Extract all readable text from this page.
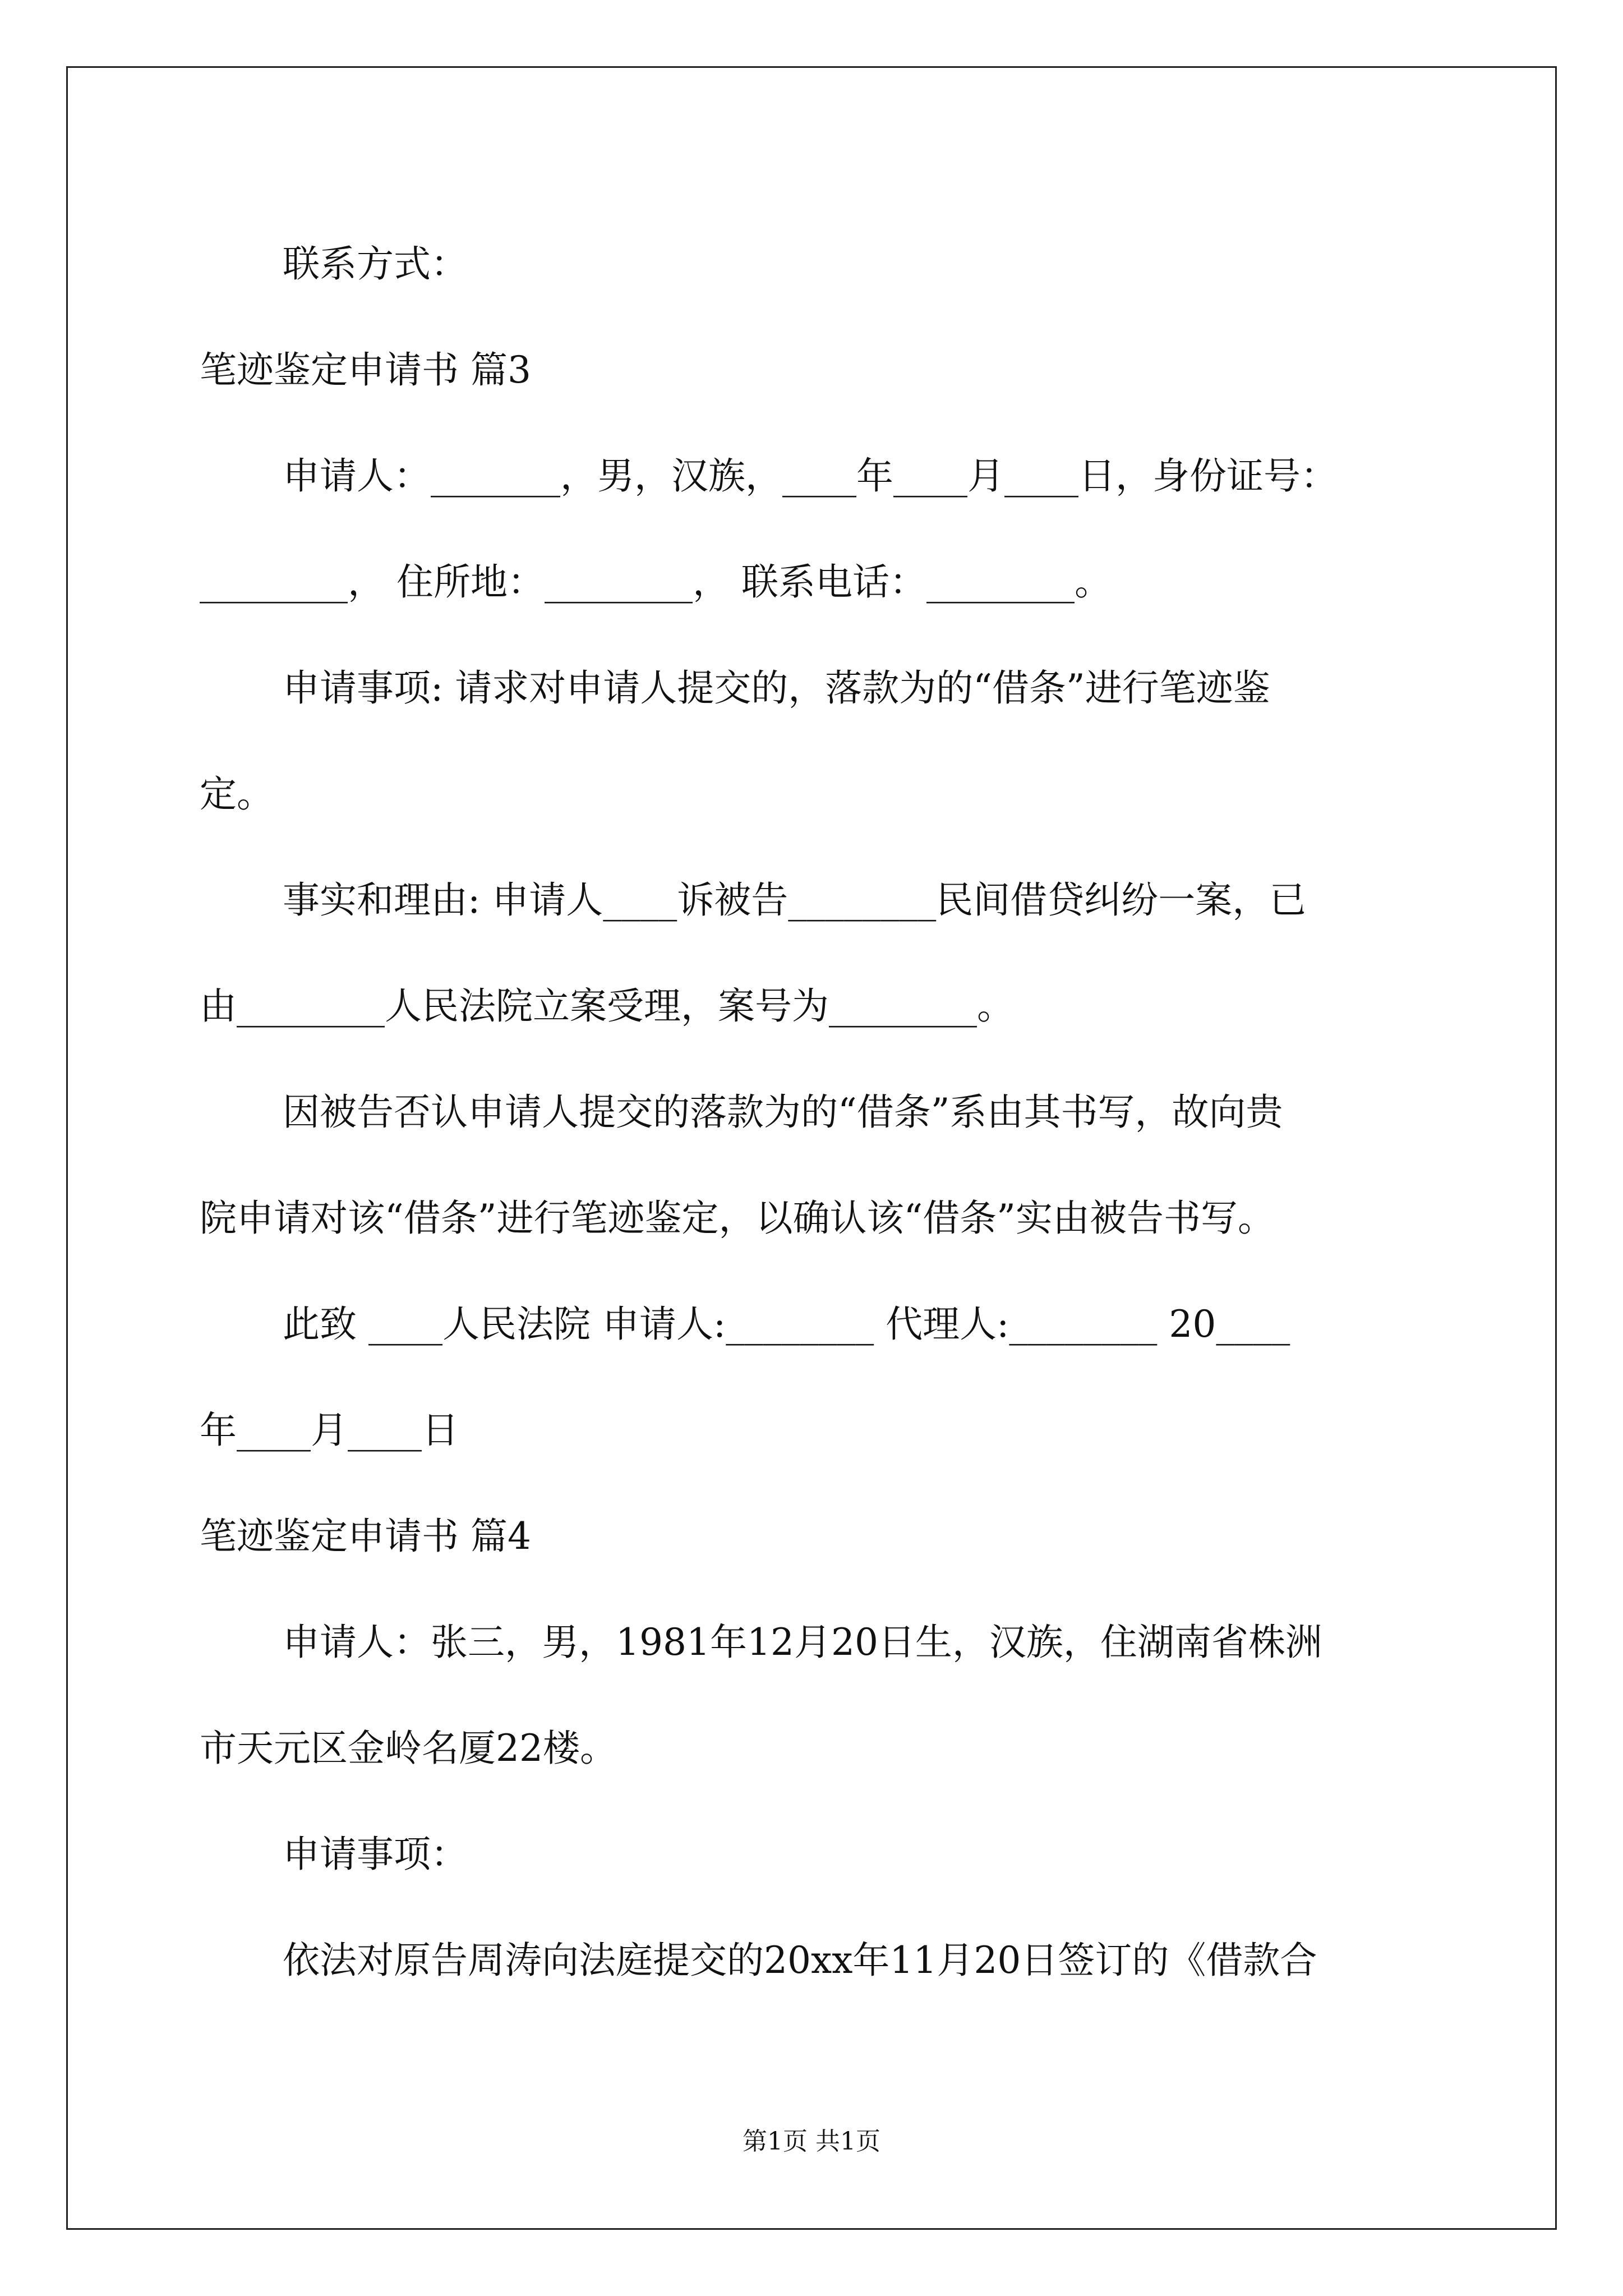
联系方式：
笔迹鉴定申请书 篇3
申请人：_______，男，汉族，____年____月____日，身份证号：
________， 住所地：________， 联系电话：________。
申请事项: 请求对申请人提交的，落款为的“借条”进行笔迹鉴
定。
事实和理由: 申请人____诉被告________民间借贷纠纷一案，已
由________人民法院立案受理，案号为________。
因被告否认申请人提交的落款为的“借条”系由其书写，故向贵
院申请对该“借条”进行笔迹鉴定，以确认该“借条”实由被告书写。
此致 ____人民法院 申请人:________ 代理人:________ 20____
年____月____日
笔迹鉴定申请书 篇4
申请人：张三，男，1981年12月20日生，汉族，住湖南省株洲
市天元区金岭名厦22楼。
申请事项：
依法对原告周涛向法庭提交的20xx年11月20日签订的《借款合
第1页 共1页
